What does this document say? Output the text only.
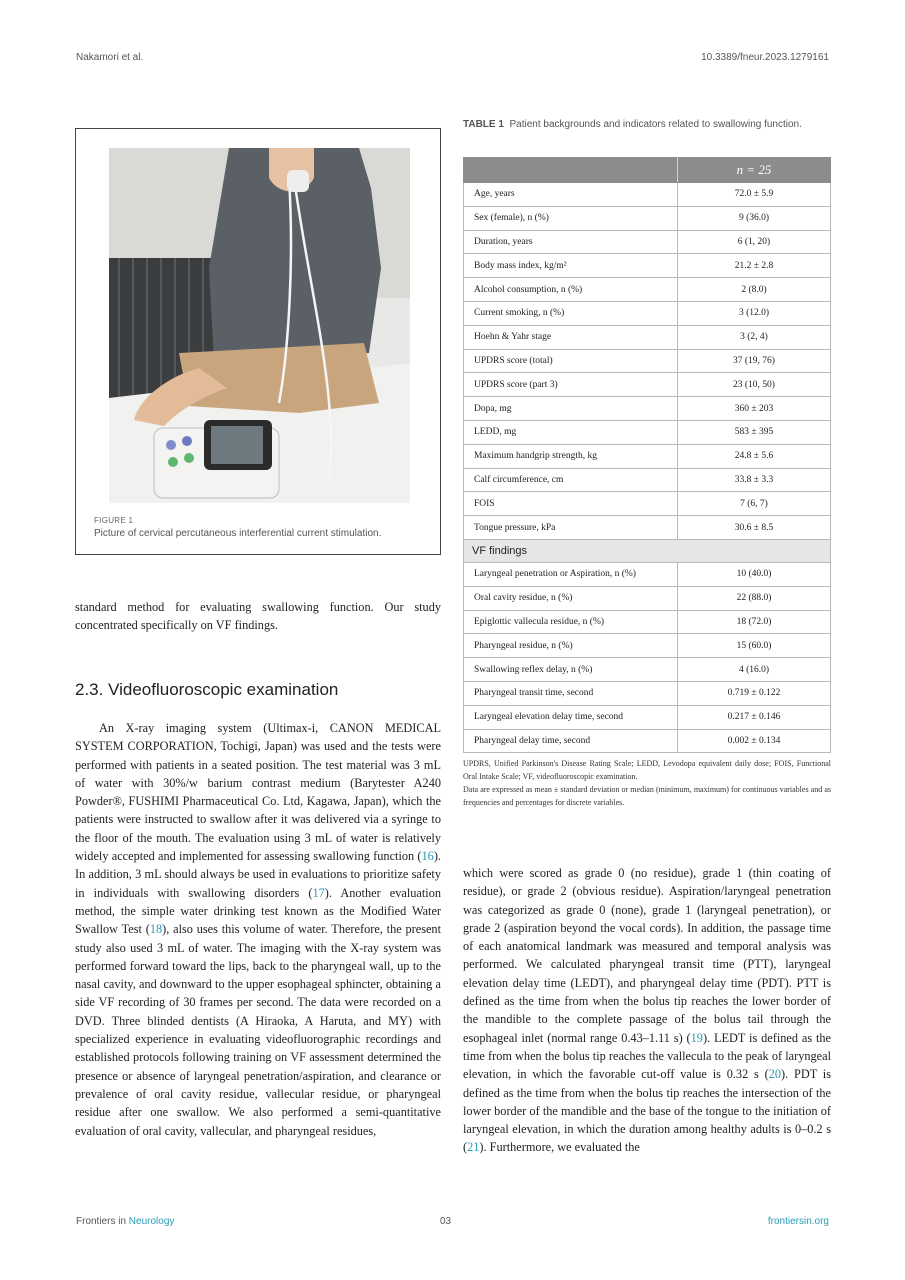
Nakamori et al.	10.3389/fneur.2023.1279161
FIGURE 1
Picture of cervical percutaneous interferential current stimulation.
TABLE 1 Patient backgrounds and indicators related to swallowing function.
	n = 25
Age, years	72.0 ± 5.9
Sex (female), n (%)	9 (36.0)
Duration, years	6 (1, 20)
Body mass index, kg/m²	21.2 ± 2.8
Alcohol consumption, n (%)	2 (8.0)
Current smoking, n (%)	3 (12.0)
Hoehn & Yahr stage	3 (2, 4)
UPDRS score (total)	37 (19, 76)
UPDRS score (part 3)	23 (10, 50)
Dopa, mg	360 ± 203
LEDD, mg	583 ± 395
Maximum handgrip strength, kg	24.8 ± 5.6
Calf circumference, cm	33.8 ± 3.3
FOIS	7 (6, 7)
Tongue pressure, kPa	30.6 ± 8.5
VF findings	
Laryngeal penetration or Aspiration, n (%)	10 (40.0)
Oral cavity residue, n (%)	22 (88.0)
Epiglottic vallecula residue, n (%)	18 (72.0)
Pharyngeal residue, n (%)	15 (60.0)
Swallowing reflex delay, n (%)	4 (16.0)
Pharyngeal transit time, second	0.719 ± 0.122
Laryngeal elevation delay time, second	0.217 ± 0.146
Pharyngeal delay time, second	0.002 ± 0.134
UPDRS, Unified Parkinson's Disease Rating Scale; LEDD, Levodopa equivalent daily dose; FOIS, Functional Oral Intake Scale; VF, videofluoroscopic examination.
Data are expressed as mean ± standard deviation or median (minimum, maximum) for continuous variables and as frequencies and percentages for discrete variables.

standard method for evaluating swallowing function. Our study concentrated specifically on VF findings.

2.3. Videofluoroscopic examination

An X-ray imaging system (Ultimax-i, CANON MEDICAL SYSTEM CORPORATION, Tochigi, Japan) was used and the tests were performed with patients in a seated position. The test material was 3 mL of water with 30%/w barium contrast medium (Barytester A240 Powder®, FUSHIMI Pharmaceutical Co. Ltd, Kagawa, Japan), which the patients were instructed to swallow after it was delivered via a syringe to the floor of the mouth. The evaluation using 3 mL of water is relatively widely accepted and implemented for assessing swallowing function (16). In addition, 3 mL should always be used in evaluations to prioritize safety in individuals with swallowing disorders (17). Another evaluation method, the simple water drinking test known as the Modified Water Swallow Test (18), also uses this volume of water. Therefore, the present study also used 3 mL of water. The imaging with the X-ray system was performed forward toward the lips, back to the pharyngeal wall, up to the nasal cavity, and downward to the upper esophageal sphincter, obtaining a side VF recording of 30 frames per second. The data were recorded on a DVD. Three blinded dentists (A Hiraoka, A Haruta, and MY) with specialized experience in evaluating videofluorographic recordings and established protocols following training on VF assessment determined the presence or absence of laryngeal penetration/aspiration, and clearance or prevalence of oral cavity residue, vallecular residue, or pharyngeal residue after one swallow. We also performed a semi-quantitative evaluation of oral cavity, vallecular, and pharyngeal residues,

which were scored as grade 0 (no residue), grade 1 (thin coating of residue), or grade 2 (obvious residue). Aspiration/laryngeal penetration was categorized as grade 0 (none), grade 1 (laryngeal penetration), or grade 2 (aspiration beyond the vocal cords). In addition, the passage time of each anatomical landmark was measured and temporal analysis was performed. We calculated pharyngeal transit time (PTT), laryngeal elevation delay time (LEDT), and pharyngeal delay time (PDT). PTT is defined as the time from when the bolus tip reaches the lower border of the mandible to the complete passage of the bolus tail through the esophageal inlet (normal range 0.43–1.11 s) (19). LEDT is defined as the time from when the bolus tip reaches the vallecula to the peak of laryngeal elevation, in which the favorable cut-off value is 0.32 s (20). PDT is defined as the time from when the bolus tip reaches the intersection of the lower border of the mandible and the base of the tongue to the initiation of laryngeal elevation, in which the duration among healthy adults is 0–0.2 s (21). Furthermore, we evaluated the

Frontiers in Neurology	03	frontiersin.org
